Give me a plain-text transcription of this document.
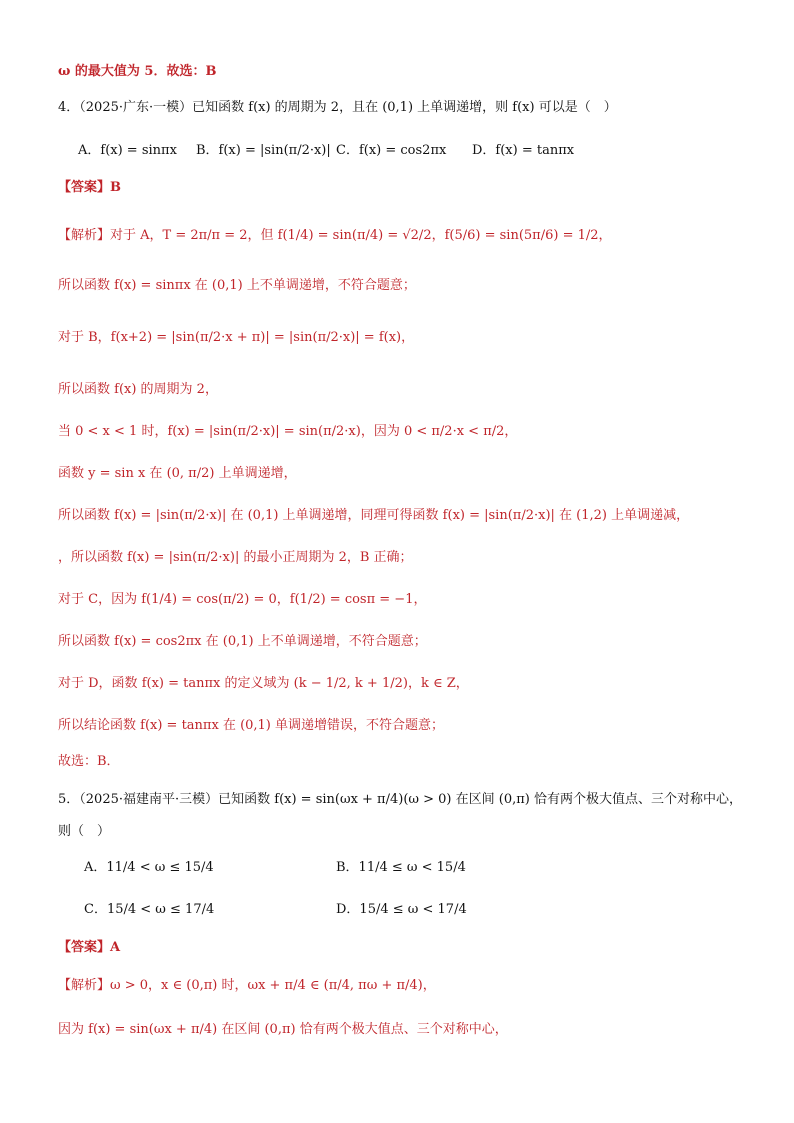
ω 的最大值为 5．故选：B
4．（2025·广东·一模）已知函数 f(x) 的周期为 2，且在 (0,1) 上单调递增，则 f(x) 可以是（　）
A．f(x) = sinπx B．f(x) = |sin(π/2·x)| C．f(x) = cos2πx D．f(x) = tanπx
【答案】B
【解析】对于 A，T = 2π/π = 2，但 f(1/4) = sin(π/4) = √2/2，f(5/6) = sin(5π/6) = 1/2，
所以函数 f(x) = sinπx 在 (0,1) 上不单调递增，不符合题意；
对于 B，f(x+2) = |sin(π/2·x + π)| = |sin(π/2·x)| = f(x)，
所以函数 f(x) 的周期为 2，
当 0 < x < 1 时，f(x) = |sin(π/2·x)| = sin(π/2·x)，因为 0 < π/2·x < π/2，
函数 y = sin x 在 (0, π/2) 上单调递增，
所以函数 f(x) = |sin(π/2·x)| 在 (0,1) 上单调递增，同理可得函数 f(x) = |sin(π/2·x)| 在 (1,2) 上单调递减，
，所以函数 f(x) = |sin(π/2·x)| 的最小正周期为 2，B 正确；
对于 C，因为 f(1/4) = cos(π/2) = 0，f(1/2) = cosπ = −1，
所以函数 f(x) = cos2πx 在 (0,1) 上不单调递增，不符合题意；
对于 D，函数 f(x) = tanπx 的定义域为 (k − 1/2, k + 1/2)，k ∈ Z，
所以结论函数 f(x) = tanπx 在 (0,1) 单调递增错误，不符合题意；
故选：B．
5．（2025·福建南平·三模）已知函数 f(x) = sin(ωx + π/4)(ω > 0) 在区间 (0,π) 恰有两个极大值点、三个对称中心，
则（　）
A．11/4 < ω ≤ 15/4	B．11/4 ≤ ω < 15/4
C．15/4 < ω ≤ 17/4	D．15/4 ≤ ω < 17/4
【答案】A
【解析】ω > 0，x ∈ (0,π) 时，ωx + π/4 ∈ (π/4, πω + π/4)，
因为 f(x) = sin(ωx + π/4) 在区间 (0,π) 恰有两个极大值点、三个对称中心，
